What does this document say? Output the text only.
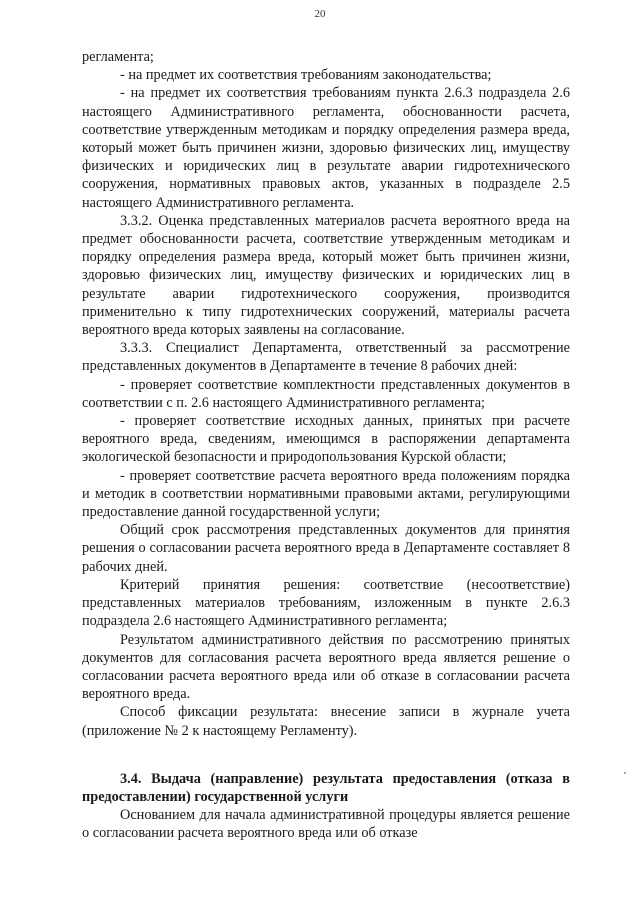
20

регламента;

- на предмет их соответствия требованиям законодательства;

- на предмет их соответствия требованиям пункта 2.6.3 подраздела 2.6 настоящего Административного регламента, обоснованности расчета, соответствие утвержденным методикам и порядку определения размера вреда, который может быть причинен жизни, здоровью физических лиц, имуществу физических и юридических лиц в результате аварии гидротехнического сооружения, нормативных правовых актов, указанных в подразделе 2.5 настоящего Административного регламента.

3.3.2. Оценка представленных материалов расчета вероятного вреда на предмет обоснованности расчета, соответствие утвержденным методикам и порядку определения размера вреда, который может быть причинен жизни, здоровью физических лиц, имуществу физических и юридических лиц в результате аварии гидротехнического сооружения, производится применительно к типу гидротехнических сооружений, материалы расчета вероятного вреда которых заявлены на согласование.

3.3.3. Специалист Департамента, ответственный за рассмотрение представленных документов в Департаменте в течение 8 рабочих дней:

- проверяет соответствие комплектности представленных документов в соответствии с п. 2.6 настоящего Административного регламента;

- проверяет соответствие исходных данных, принятых при расчете вероятного вреда, сведениям, имеющимся в распоряжении департамента экологической безопасности и природопользования Курской области;

- проверяет соответствие расчета вероятного вреда положениям порядка и методик в соответствии нормативными правовыми актами, регулирующими предоставление данной государственной услуги;

Общий срок рассмотрения представленных документов для принятия решения о согласовании расчета вероятного вреда в Департаменте составляет 8 рабочих дней.

Критерий принятия решения: соответствие (несоответствие) представленных материалов требованиям, изложенным в пункте 2.6.3 подраздела 2.6 настоящего Административного регламента;

Результатом административного действия по рассмотрению принятых документов для согласования расчета вероятного вреда является решение о согласовании расчета вероятного вреда или об отказе в согласовании расчета вероятного вреда.

Способ фиксации результата: внесение записи в журнале учета (приложение № 2 к настоящему Регламенту).

3.4. Выдача (направление) результата предоставления (отказа в предоставлении) государственной услуги

Основанием для начала административной процедуры является решение о согласовании расчета вероятного вреда или об отказе
